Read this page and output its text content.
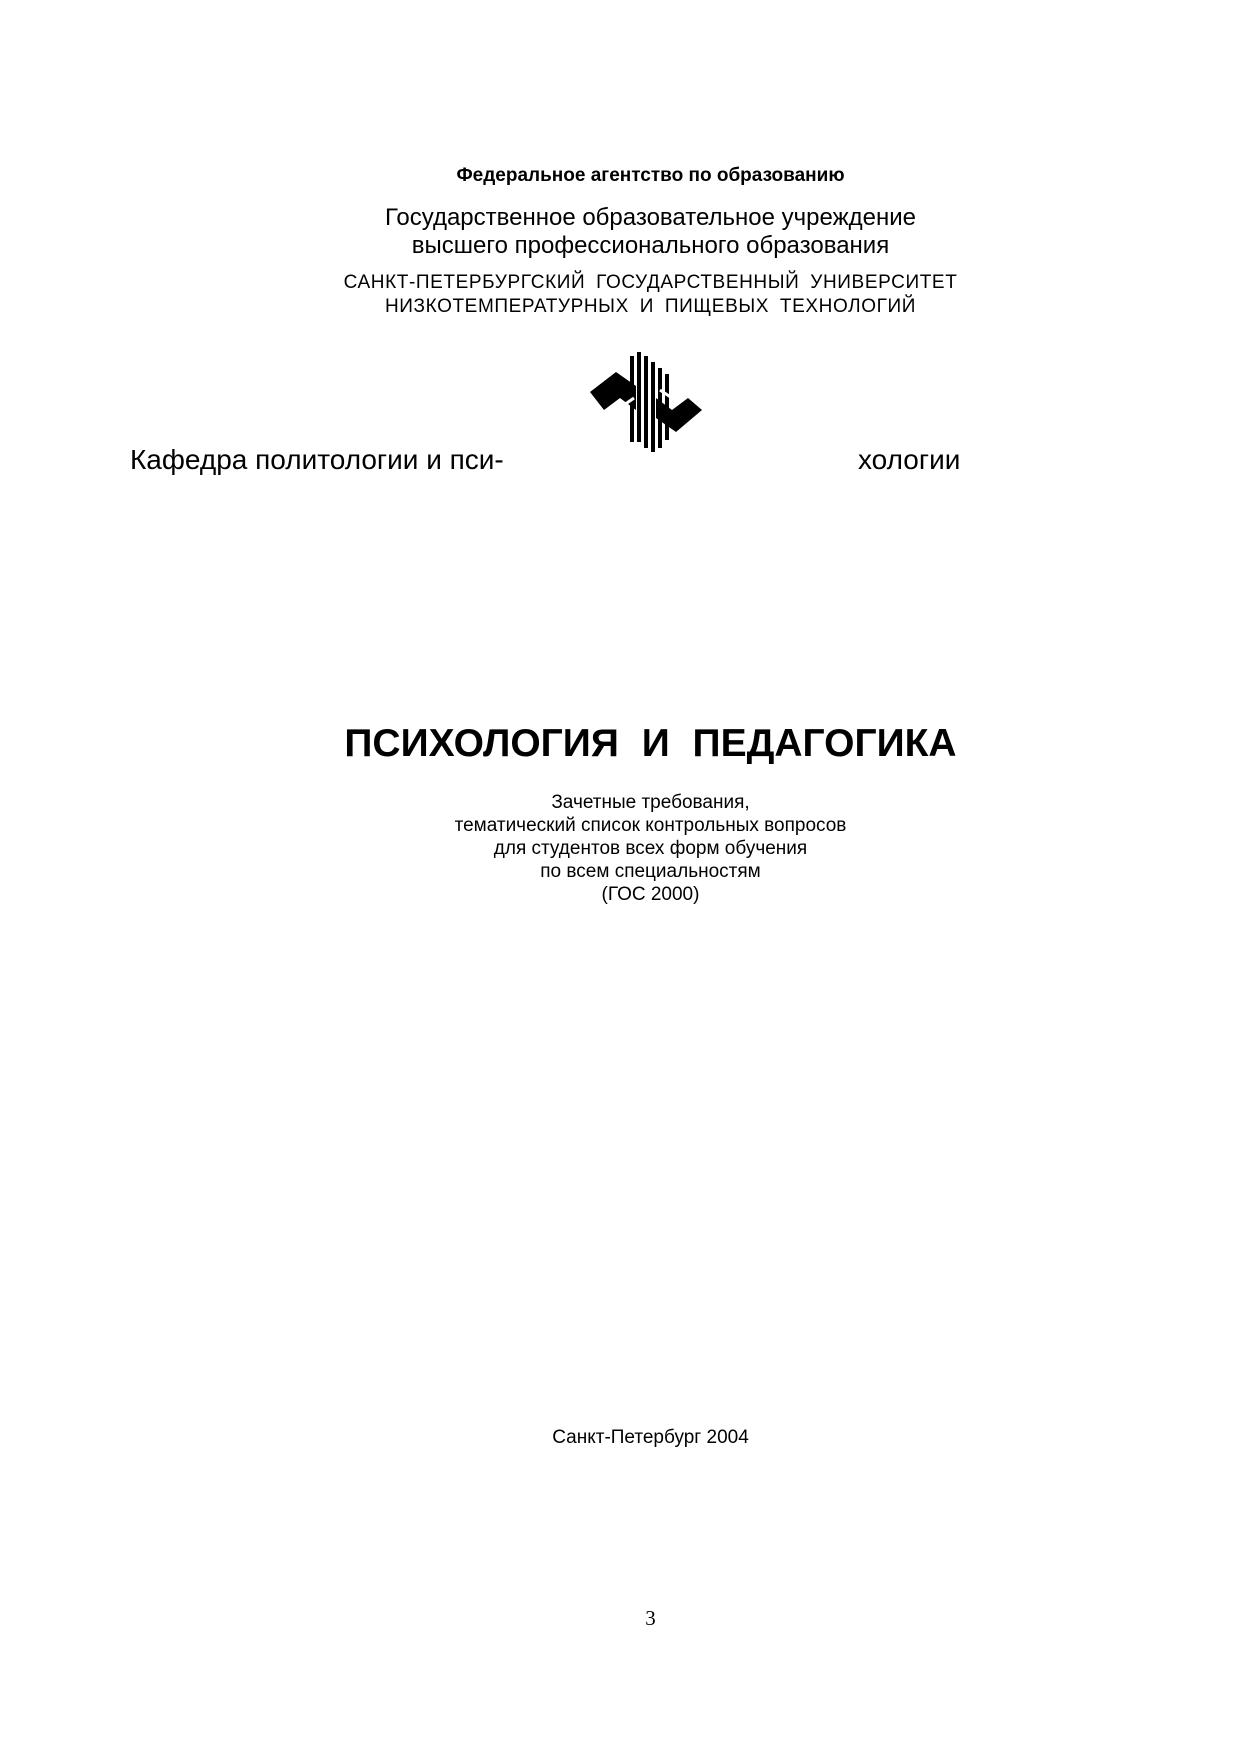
Федеральное агентство по образованию

Государственное образовательное учреждение

высшего профессионального образования

САНКТ-ПЕТЕРБУРГСКИЙ ГОСУДАРСТВЕННЫЙ УНИВЕРСИТЕТ

НИЗКОТЕМПЕРАТУРНЫХ И ПИЩЕВЫХ ТЕХНОЛОГИЙ

Кафедра политологии и пси-	хологии
ПСИХОЛОГИЯ И ПЕДАГОГИКА

Зачетные требования,

тематический список контрольных вопросов

для студентов всех форм обучения

по всем специальностям

(ГОС 2000)

Санкт-Петербург 2004

3
